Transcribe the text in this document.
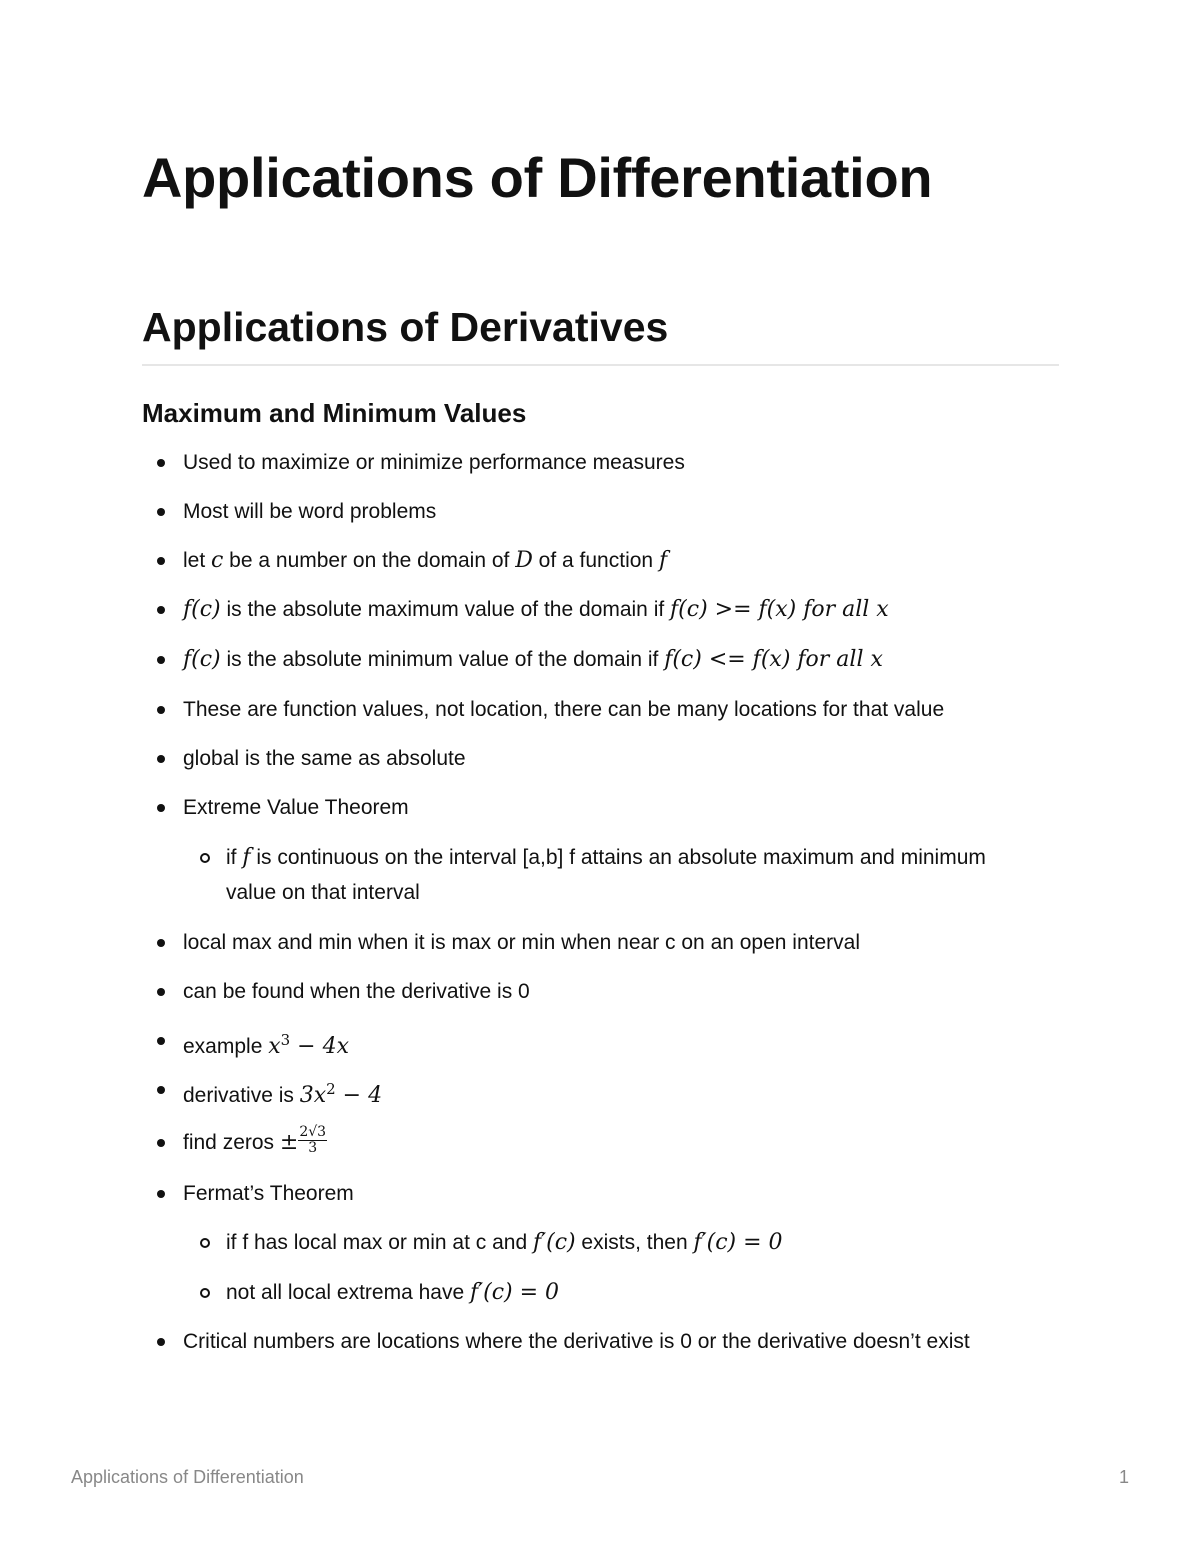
Applications of Differentiation
Applications of Derivatives
Maximum and Minimum Values
Used to maximize or minimize performance measures
Most will be word problems
let c be a number on the domain of D of a function f
f(c) is the absolute maximum value of the domain if f(c) >= f(x) for all x
f(c) is the absolute minimum value of the domain if f(c) <= f(x) for all x
These are function values, not location, there can be many locations for that value
global is the same as absolute
Extreme Value Theorem
if f is continuous on the interval [a,b] f attains an absolute maximum and minimum value on that interval
local max and min when it is max or min when near c on an open interval
can be found when the derivative is 0
example $x^3 - 4x$
derivative is $3x^2 - 4$
find zeros ± $\frac{2√3}{3}$
Fermat’s Theorem
if f has local max or min at c and f′(c) exists, then f′(c) = 0
not all local extrema have f′(c) = 0
Critical numbers are locations where the derivative is 0 or the derivative doesn’t exist
Applications of Differentiation	1
